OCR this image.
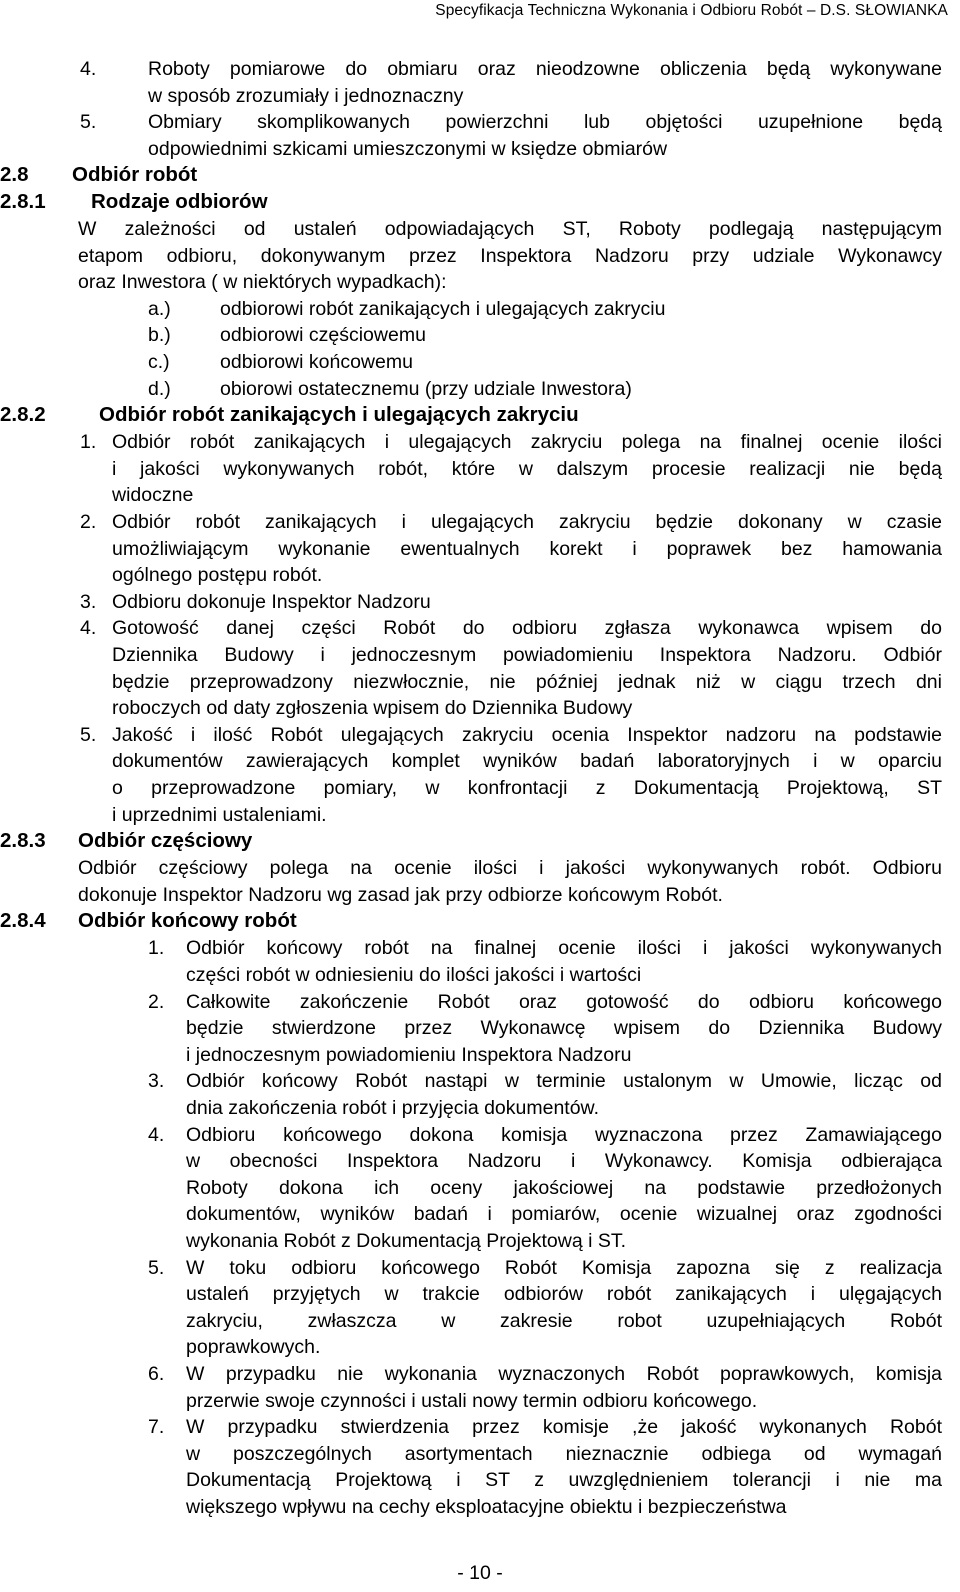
Specyfikacja Techniczna Wykonania i Odbioru Robót – D.S. SŁOWIANKA
4.	Roboty pomiarowe do obmiaru oraz nieodzowne obliczenia będą wykonywane
w sposób zrozumiały i jednoznaczny
5.	Obmiary skomplikowanych powierzchni lub objętości uzupełnione będą
odpowiednimi szkicami umieszczonymi w księdze obmiarów
2.8 Odbiór robót
2.8.1 Rodzaje odbiorów
W zależności od ustaleń odpowiadających ST, Roboty podlegają następującym
etapom odbioru, dokonywanym przez Inspektora Nadzoru przy udziale Wykonawcy
oraz Inwestora ( w niektórych wypadkach):
a.)	odbiorowi robót zanikających i ulegających zakryciu
b.)	odbiorowi częściowemu
c.)	odbiorowi końcowemu
d.)	obiorowi ostatecznemu (przy udziale Inwestora)
2.8.2	Odbiór robót zanikających i ulegających zakryciu
1. Odbiór robót zanikających i ulegających zakryciu polega na finalnej ocenie ilości
i jakości wykonywanych robót, które w dalszym procesie realizacji nie będą
widoczne
2. Odbiór robót zanikających i ulegających zakryciu będzie dokonany w czasie
umożliwiającym wykonanie ewentualnych korekt i poprawek bez hamowania
ogólnego postępu robót.
3. Odbioru dokonuje Inspektor Nadzoru
4. Gotowość danej części Robót do odbioru zgłasza wykonawca wpisem do
Dziennika Budowy i jednoczesnym powiadomieniu Inspektora Nadzoru. Odbiór
będzie przeprowadzony niezwłocznie, nie później jednak niż w ciągu trzech dni
roboczych od daty zgłoszenia wpisem do Dziennika Budowy
5. Jakość i ilość Robót ulegających zakryciu ocenia Inspektor nadzoru na podstawie
dokumentów zawierających komplet wyników badań laboratoryjnych i w oparciu
o przeprowadzone pomiary, w konfrontacji z Dokumentacją Projektową, ST
i uprzednimi ustaleniami.
2.8.3 Odbiór częściowy
Odbiór częściowy polega na ocenie ilości i jakości wykonywanych robót. Odbioru
dokonuje Inspektor Nadzoru wg zasad jak przy odbiorze końcowym Robót.
2.8.4 Odbiór końcowy robót
1. Odbiór końcowy robót na finalnej ocenie ilości i jakości wykonywanych
części robót w odniesieniu do ilości jakości i wartości
2. Całkowite zakończenie Robót oraz gotowość do odbioru końcowego
będzie stwierdzone przez Wykonawcę wpisem do Dziennika Budowy
i jednoczesnym powiadomieniu Inspektora Nadzoru
3. Odbiór końcowy Robót nastąpi w terminie ustalonym w Umowie, licząc od
dnia zakończenia robót i przyjęcia dokumentów.
4. Odbioru końcowego dokona komisja wyznaczona przez Zamawiającego
w obecności Inspektora Nadzoru i Wykonawcy. Komisja odbierająca
Roboty dokona ich oceny jakościowej na podstawie przedłożonych
dokumentów, wyników badań i pomiarów, ocenie wizualnej oraz zgodności
wykonania Robót z Dokumentacją Projektową i ST.
5. W toku odbioru końcowego Robót Komisja zapozna się z realizacja
ustaleń przyjętych w trakcie odbiorów robót zanikających i ulęgających
zakryciu, zwłaszcza w zakresie robot uzupełniających Robót
poprawkowych.
6. W przypadku nie wykonania wyznaczonych Robót poprawkowych, komisja
przerwie swoje czynności i ustali nowy termin odbioru końcowego.
7. W przypadku stwierdzenia przez komisje ,że jakość wykonanych Robót
w poszczególnych asortymentach nieznacznie odbiega od wymagań
Dokumentacją Projektową i ST z uwzględnieniem tolerancji i nie ma
większego wpływu na cechy eksploatacyjne obiektu i bezpieczeństwa
- 10 -
